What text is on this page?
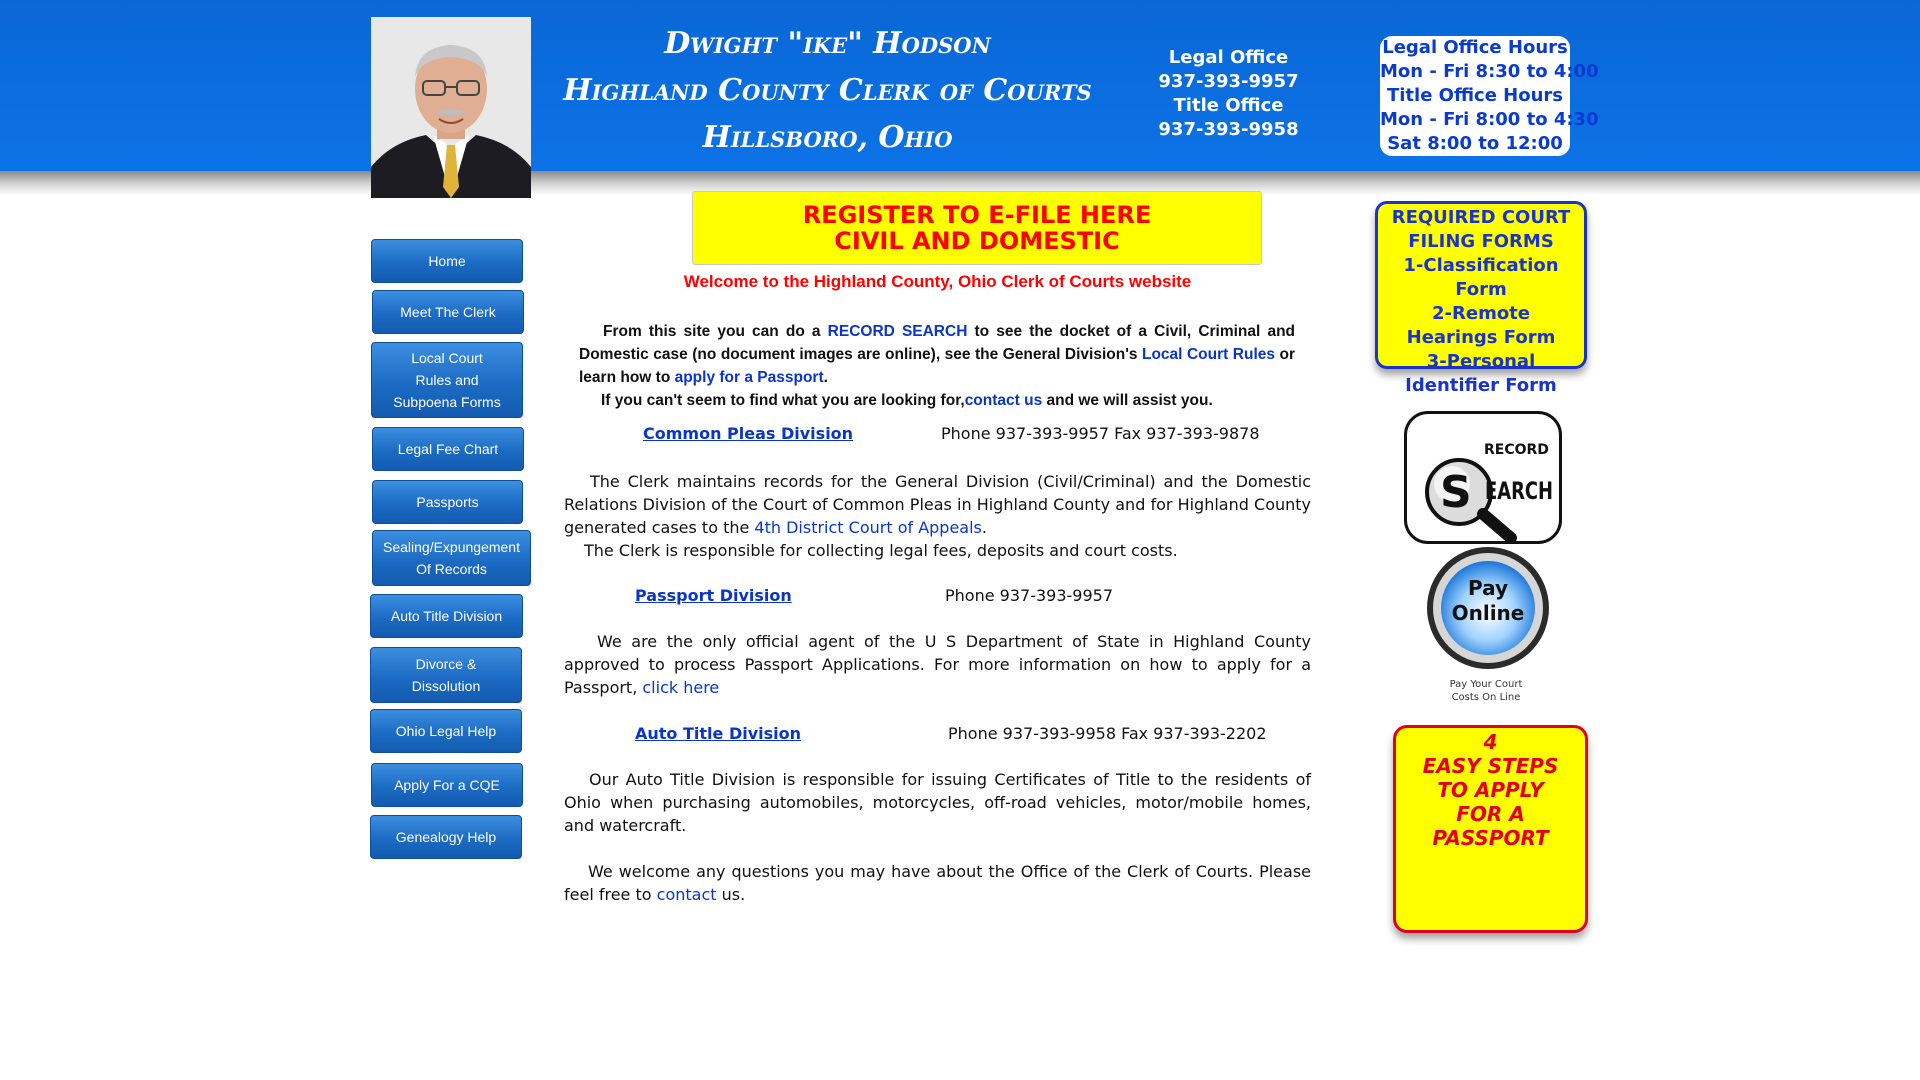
Dwight "ike" Hodson
Highland County Clerk of Courts
Hillsboro, Ohio
Legal Office
937-393-9957
Title Office
937-393-9958
Legal Office Hours
Mon - Fri 8:30 to 4:00
Title Office Hours
Mon - Fri 8:00 to 4:30
Sat 8:00 to 12:00
Home
Meet The Clerk
Local Court
Rules and
Subpoena Forms
Legal Fee Chart
Passports
Sealing/Expungement
Of Records
Auto Title Division
Divorce &
Dissolution
Ohio Legal Help
Apply For a CQE
Genealogy Help
REGISTER TO E-FILE HERE
CIVIL AND DOMESTIC
Welcome to the Highland County, Ohio Clerk of Courts website

From this site you can do a RECORD SEARCH to see the docket of a Civil, Criminal and Domestic case (no document images are online), see the General Division's Local Court Rules or learn how to apply for a Passport.

If you can't seem to find what you are looking for,contact us and we will assist you.

Common Pleas Division	Phone 937-393-9957 Fax 937-393-9878

The Clerk maintains records for the General Division (Civil/Criminal) and the Domestic Relations Division of the Court of Common Pleas in Highland County and for Highland County generated cases to the 4th District Court of Appeals.

The Clerk is responsible for collecting legal fees, deposits and court costs.

Passport Division	Phone 937-393-9957

We are the only official agent of the U S Department of State in Highland County approved to process Passport Applications. For more information on how to apply for a Passport, click here

Auto Title Division	Phone 937-393-9958 Fax 937-393-2202

Our Auto Title Division is responsible for issuing Certificates of Title to the residents of Ohio when purchasing automobiles, motorcycles, off-road vehicles, motor/mobile homes, and watercraft.

We welcome any questions you may have about the Office of the Clerk of Courts. Please feel free to contact us.

REQUIRED COURT
FILING FORMS
1-Classification Form
2-Remote Hearings Form
3-Personal Identifier Form
RECORD
S EARCH
Pay
Online
Pay Your Court
Costs On Line
4
EASY STEPS
TO APPLY
FOR A
PASSPORT
